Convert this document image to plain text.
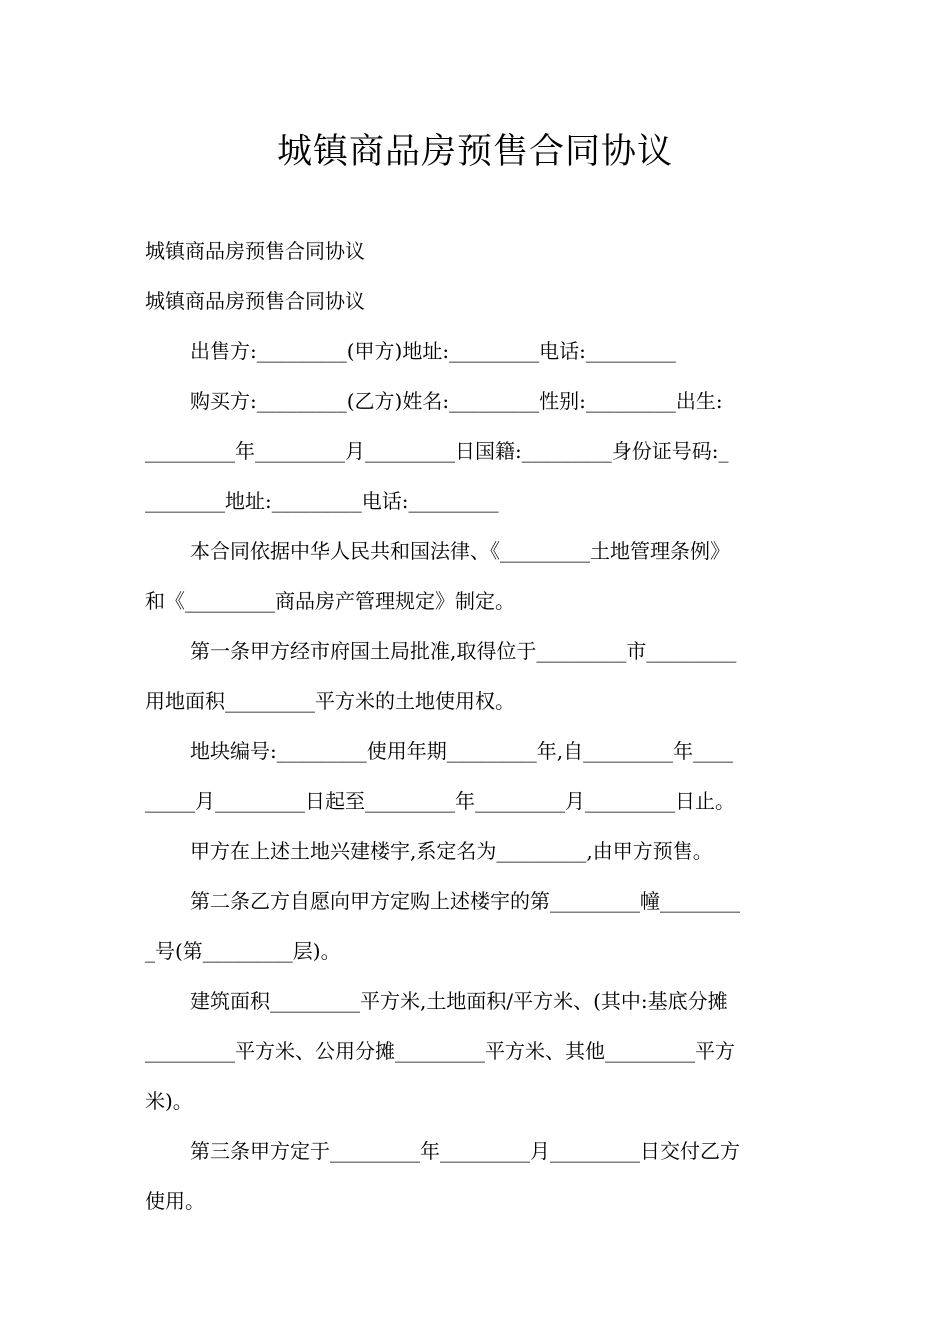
城镇商品房预售合同协议
城镇商品房预售合同协议
城镇商品房预售合同协议
出售方:_________(甲方)地址:_________电话:_________
购买方:_________(乙方)姓名:_________性别:_________出生:
_________年_________月_________日国籍:_________身份证号码:_
________地址:_________电话:_________
本合同依据中华人民共和国法律、《_________土地管理条例》
和《_________商品房产管理规定》制定。
第一条甲方经市府国土局批准,取得位于_________市_________
用地面积_________平方米的土地使用权。
地块编号:_________使用年期_________年,自_________年____
_____月_________日起至_________年_________月_________日止。
甲方在上述土地兴建楼宇,系定名为_________,由甲方预售。
第二条乙方自愿向甲方定购上述楼宇的第_________幢________
_号(第_________层)。
建筑面积_________平方米,土地面积/平方米、(其中:基底分摊
_________平方米、公用分摊_________平方米、其他_________平方
米)。
第三条甲方定于_________年_________月_________日交付乙方
使用。
